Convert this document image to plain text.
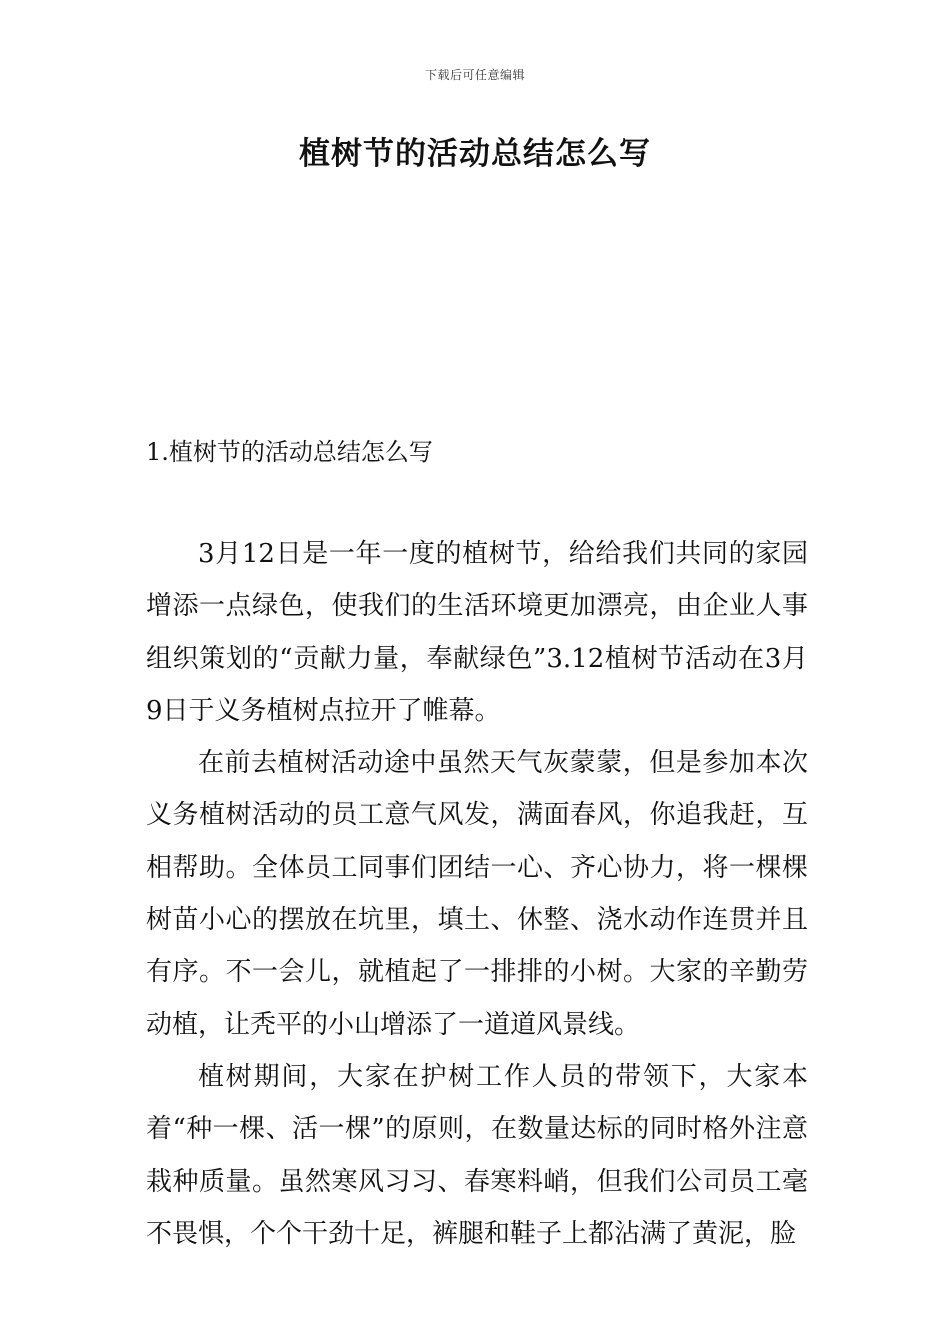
下载后可任意编辑
植树节的活动总结怎么写
1.植树节的活动总结怎么写

3月12日是一年一度的植树节，给给我们共同的家园增添一点绿色，使我们的生活环境更加漂亮，由企业人事组织策划的“贡献力量，奉献绿色”3.12植树节活动在3月9日于义务植树点拉开了帷幕。

在前去植树活动途中虽然天气灰蒙蒙，但是参加本次义务植树活动的员工意气风发，满面春风，你追我赶，互相帮助。全体员工同事们团结一心、齐心协力，将一棵棵树苗小心的摆放在坑里，填土、休整、浇水动作连贯并且有序。不一会儿，就植起了一排排的小树。大家的辛勤劳动植，让秃平的小山增添了一道道风景线。

植树期间，大家在护树工作人员的带领下，大家本着“种一棵、活一棵”的原则，在数量达标的同时格外注意栽种质量。虽然寒风习习、春寒料峭，但我们公司员工毫不畏惧，个个干劲十足，裤腿和鞋子上都沾满了黄泥，脸
